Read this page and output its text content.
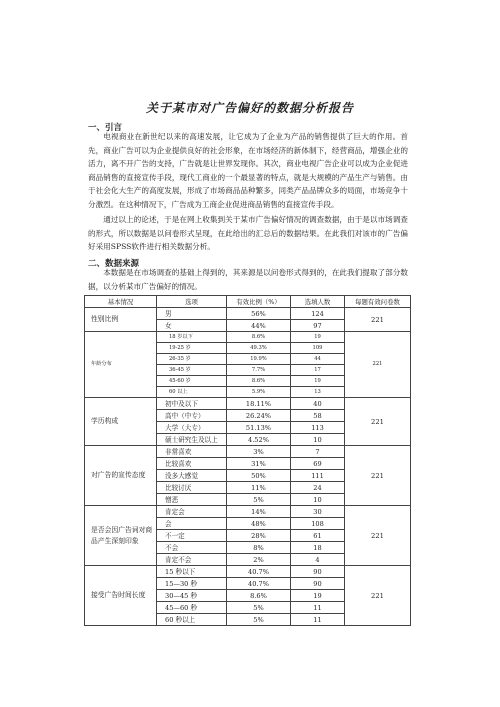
关于某市对广告偏好的数据分析报告
一、引言

电视商业在新世纪以来的高速发展，让它成为了企业为产品的销售提供了巨大的作用。首先，商业广告可以为企业提供良好的社会形象，在市场经济的新体制下，经营商品，增强企业的活力，离不开广告的支持，广告就是让世界发现你。其次，商业电视广告企业可以成为企业促进商品销售的直接宣传手段，现代工商业的一个最显著的特点，就是大规模的产品生产与销售。由于社会化大生产的高度发展，形成了市场商品品种繁多，同类产品品牌众多的局面，市场竞争十分激烈。在这种情况下，广告成为工商企业促进商品销售的直接宣传手段。

通过以上的论述，于是在网上收集到关于某市广告偏好情况的调查数据，由于是以市场调查的形式，所以数据是以问卷形式呈现，在此给出的汇总后的数据结果。在此我们对该市的广告偏好采用SPSS软件进行相关数据分析。

二、数据来源

本数据是在市场调查的基础上得到的，其来源是以问卷形式得到的，在此我们提取了部分数据，以分析某市广告偏好的情况。

基本情况	选项	有效比例（%）	选填人数	每题有效问卷数
性别比例	男	56%	124	221
	女	44%	97	
年龄分布	18 岁以下	8.6%	19	221
	19-25 岁	49.3%	109	
	26-35 岁	19.9%	44	
	36-45 岁	7.7%	17	
	45-60 岁	8.6%	19	
	60 以上	5.9%	13	
学历构成	初中及以下	18.11%	40	221
	高中（中专）	26.24%	58	
	大学（大专）	51.13%	113	
	硕士研究生及以上	4.52%	10	
对广告的宣传态度	非常喜欢	3%	7	221
	比较喜欢	31%	69	
	没多大感觉	50%	111	
	比较讨厌	11%	24	
	憎恶	5%	10	
是否会因广告词对商品产生深刻印象	肯定会	14%	30	221
	会	48%	108	
	不一定	28%	61	
	不会	8%	18	
	肯定不会	2%	4	
接受广告时间长度	15 秒以下	40.7%	90	221
	15—30 秒	40.7%	90	
	30—45 秒	8.6%	19	
	45—60 秒	5%	11	
	60 秒以上	5%	11	
